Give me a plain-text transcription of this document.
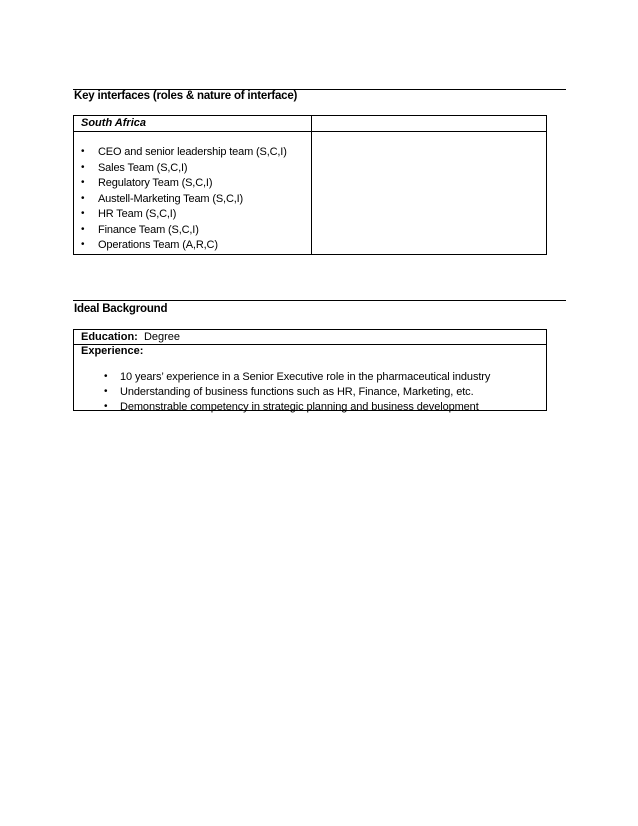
Key interfaces (roles & nature of interface)
South Africa
• CEO and senior leadership team (S,C,I)
• Sales Team (S,C,I)
• Regulatory Team (S,C,I)
• Austell-Marketing Team (S,C,I)
• HR Team (S,C,I)
• Finance Team (S,C,I)
• Operations Team (A,R,C)
Ideal Background
Education: Degree
Experience:
• 10 years’ experience in a Senior Executive role in the pharmaceutical industry
• Understanding of business functions such as HR, Finance, Marketing, etc.
• Demonstrable competency in strategic planning and business development
